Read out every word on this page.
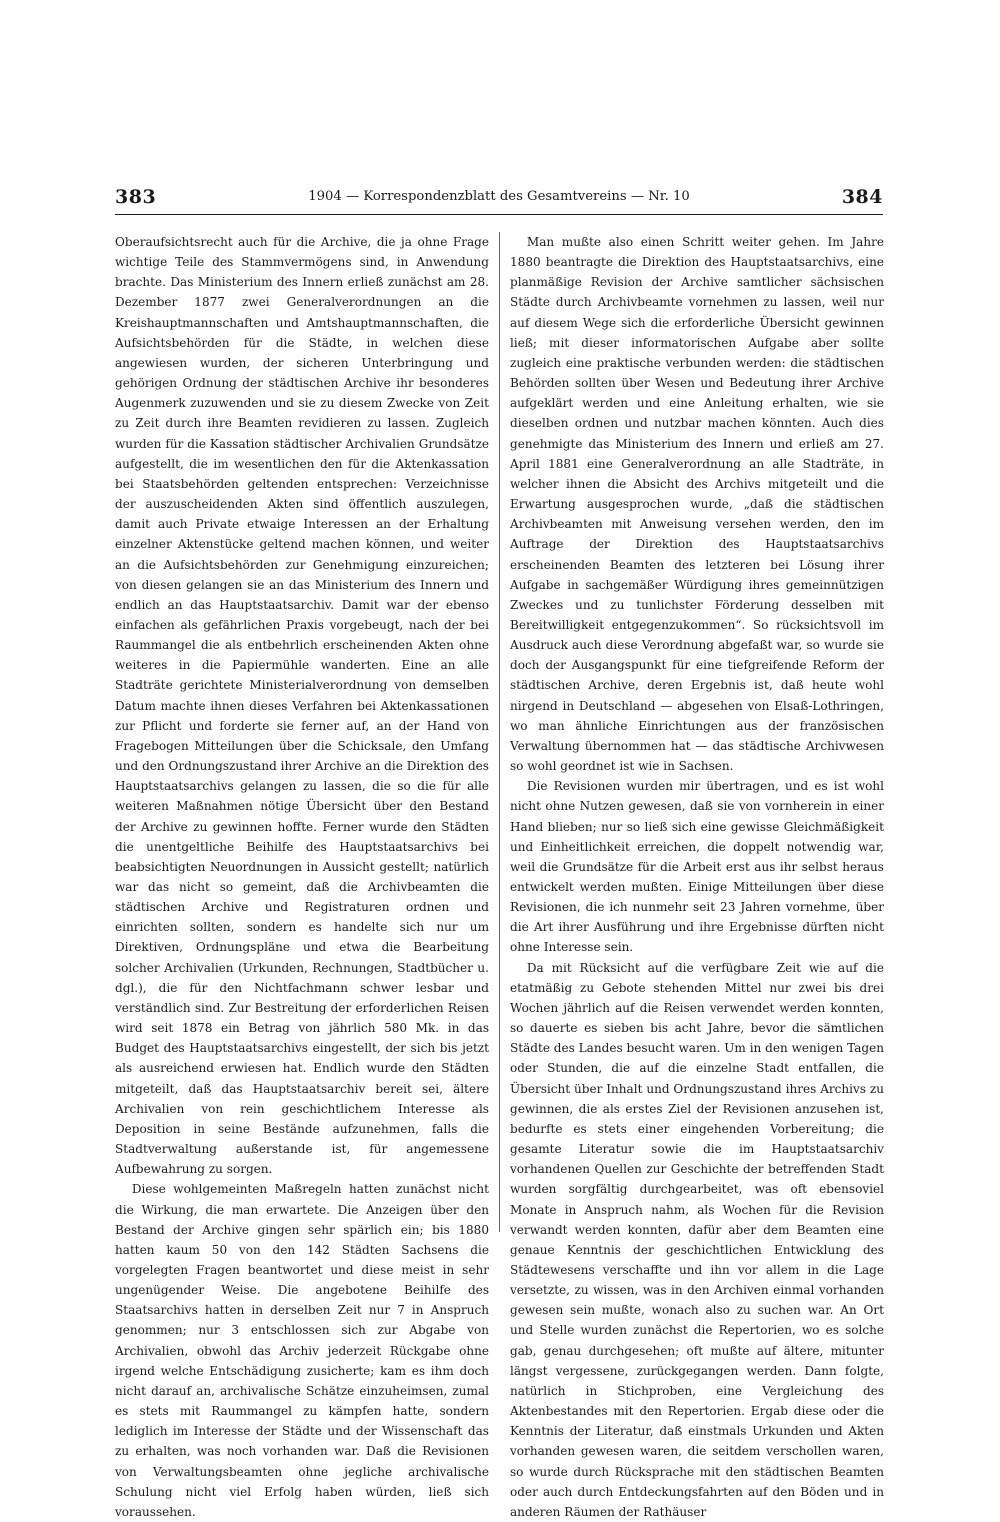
383	1904 — Korrespondenzblatt des Gesamtvereins — Nr. 10	384

Oberaufsichtsrecht auch für die Archive, die ja ohne Frage wichtige Teile des Stammvermögens sind, in Anwendung brachte. Das Ministerium des Innern erließ zunächst am 28. Dezember 1877 zwei Generalverordnungen an die Kreishauptmannschaften und Amtshauptmannschaften, die Aufsichtsbehörden für die Städte, in welchen diese angewiesen wurden, der sicheren Unterbringung und gehörigen Ordnung der städtischen Archive ihr besonderes Augenmerk zuzuwenden und sie zu diesem Zwecke von Zeit zu Zeit durch ihre Beamten revidieren zu lassen. Zugleich wurden für die Kassation städtischer Archivalien Grundsätze aufgestellt, die im wesentlichen den für die Aktenkassation bei Staatsbehörden geltenden entsprechen: Verzeichnisse der auszuscheidenden Akten sind öffentlich auszulegen, damit auch Private etwaige Interessen an der Erhaltung einzelner Aktenstücke geltend machen können, und weiter an die Aufsichtsbehörden zur Genehmigung einzureichen; von diesen gelangen sie an das Ministerium des Innern und endlich an das Hauptstaatsarchiv. Damit war der ebenso einfachen als gefährlichen Praxis vorgebeugt, nach der bei Raummangel die als entbehrlich erscheinenden Akten ohne weiteres in die Papiermühle wanderten. Eine an alle Stadträte gerichtete Ministerialverordnung von demselben Datum machte ihnen dieses Verfahren bei Aktenkassationen zur Pflicht und forderte sie ferner auf, an der Hand von Fragebogen Mitteilungen über die Schicksale, den Umfang und den Ordnungszustand ihrer Archive an die Direktion des Hauptstaatsarchivs gelangen zu lassen, die so die für alle weiteren Maßnahmen nötige Übersicht über den Bestand der Archive zu gewinnen hoffte. Ferner wurde den Städten die unentgeltliche Beihilfe des Hauptstaatsarchivs bei beabsichtigten Neuordnungen in Aussicht gestellt; natürlich war das nicht so gemeint, daß die Archivbeamten die städtischen Archive und Registraturen ordnen und einrichten sollten, sondern es handelte sich nur um Direktiven, Ordnungspläne und etwa die Bearbeitung solcher Archivalien (Urkunden, Rechnungen, Stadtbücher u. dgl.), die für den Nichtfachmann schwer lesbar und verständlich sind. Zur Bestreitung der erforderlichen Reisen wird seit 1878 ein Betrag von jährlich 580 Mk. in das Budget des Hauptstaatsarchivs eingestellt, der sich bis jetzt als ausreichend erwiesen hat. Endlich wurde den Städten mitgeteilt, daß das Hauptstaatsarchiv bereit sei, ältere Archivalien von rein geschichtlichem Interesse als Deposition in seine Bestände aufzunehmen, falls die Stadtverwaltung außerstande ist, für angemessene Aufbewahrung zu sorgen.

Diese wohlgemeinten Maßregeln hatten zunächst nicht die Wirkung, die man erwartete. Die Anzeigen über den Bestand der Archive gingen sehr spärlich ein; bis 1880 hatten kaum 50 von den 142 Städten Sachsens die vorgelegten Fragen beantwortet und diese meist in sehr ungenügender Weise. Die angebotene Beihilfe des Staatsarchivs hatten in derselben Zeit nur 7 in Anspruch genommen; nur 3 entschlossen sich zur Abgabe von Archivalien, obwohl das Archiv jederzeit Rückgabe ohne irgend welche Entschädigung zusicherte; kam es ihm doch nicht darauf an, archivalische Schätze einzuheimsen, zumal es stets mit Raummangel zu kämpfen hatte, sondern lediglich im Interesse der Städte und der Wissenschaft das zu erhalten, was noch vorhanden war. Daß die Revisionen von Verwaltungsbeamten ohne jegliche archivalische Schulung nicht viel Erfolg haben würden, ließ sich voraussehen.

Man mußte also einen Schritt weiter gehen. Im Jahre 1880 beantragte die Direktion des Hauptstaatsarchivs, eine planmäßige Revision der Archive samtlicher sächsischen Städte durch Archivbeamte vornehmen zu lassen, weil nur auf diesem Wege sich die erforderliche Übersicht gewinnen ließ; mit dieser informatorischen Aufgabe aber sollte zugleich eine praktische verbunden werden: die städtischen Behörden sollten über Wesen und Bedeutung ihrer Archive aufgeklärt werden und eine Anleitung erhalten, wie sie dieselben ordnen und nutzbar machen könnten. Auch dies genehmigte das Ministerium des Innern und erließ am 27. April 1881 eine Generalverordnung an alle Stadträte, in welcher ihnen die Absicht des Archivs mitgeteilt und die Erwartung ausgesprochen wurde, „daß die städtischen Archivbeamten mit Anweisung versehen werden, den im Auftrage der Direktion des Hauptstaatsarchivs erscheinenden Beamten des letzteren bei Lösung ihrer Aufgabe in sachgemäßer Würdigung ihres gemeinnützigen Zweckes und zu tunlichster Förderung desselben mit Bereitwilligkeit entgegenzukommen“. So rücksichtsvoll im Ausdruck auch diese Verordnung abgefaßt war, so wurde sie doch der Ausgangspunkt für eine tiefgreifende Reform der städtischen Archive, deren Ergebnis ist, daß heute wohl nirgend in Deutschland — abgesehen von Elsaß-Lothringen, wo man ähnliche Einrichtungen aus der französischen Verwaltung übernommen hat — das städtische Archivwesen so wohl geordnet ist wie in Sachsen.

Die Revisionen wurden mir übertragen, und es ist wohl nicht ohne Nutzen gewesen, daß sie von vornherein in einer Hand blieben; nur so ließ sich eine gewisse Gleichmäßigkeit und Einheitlichkeit erreichen, die doppelt notwendig war, weil die Grundsätze für die Arbeit erst aus ihr selbst heraus entwickelt werden mußten. Einige Mitteilungen über diese Revisionen, die ich nunmehr seit 23 Jahren vornehme, über die Art ihrer Ausführung und ihre Ergebnisse dürften nicht ohne Interesse sein.

Da mit Rücksicht auf die verfügbare Zeit wie auf die etatmäßig zu Gebote stehenden Mittel nur zwei bis drei Wochen jährlich auf die Reisen verwendet werden konnten, so dauerte es sieben bis acht Jahre, bevor die sämtlichen Städte des Landes besucht waren. Um in den wenigen Tagen oder Stunden, die auf die einzelne Stadt entfallen, die Übersicht über Inhalt und Ordnungszustand ihres Archivs zu gewinnen, die als erstes Ziel der Revisionen anzusehen ist, bedurfte es stets einer eingehenden Vorbereitung; die gesamte Literatur sowie die im Hauptstaatsarchiv vorhandenen Quellen zur Geschichte der betreffenden Stadt wurden sorgfältig durchgearbeitet, was oft ebensoviel Monate in Anspruch nahm, als Wochen für die Revision verwandt werden konnten, dafür aber dem Beamten eine genaue Kenntnis der geschichtlichen Entwicklung des Städtewesens verschaffte und ihn vor allem in die Lage versetzte, zu wissen, was in den Archiven einmal vorhanden gewesen sein mußte, wonach also zu suchen war. An Ort und Stelle wurden zunächst die Repertorien, wo es solche gab, genau durchgesehen; oft mußte auf ältere, mitunter längst vergessene, zurückgegangen werden. Dann folgte, natürlich in Stichproben, eine Vergleichung des Aktenbestandes mit den Repertorien. Ergab diese oder die Kenntnis der Literatur, daß einstmals Urkunden und Akten vorhanden gewesen waren, die seitdem verschollen waren, so wurde durch Rücksprache mit den städtischen Beamten oder auch durch Entdeckungsfahrten auf den Böden und in anderen Räumen der Rathäuser
